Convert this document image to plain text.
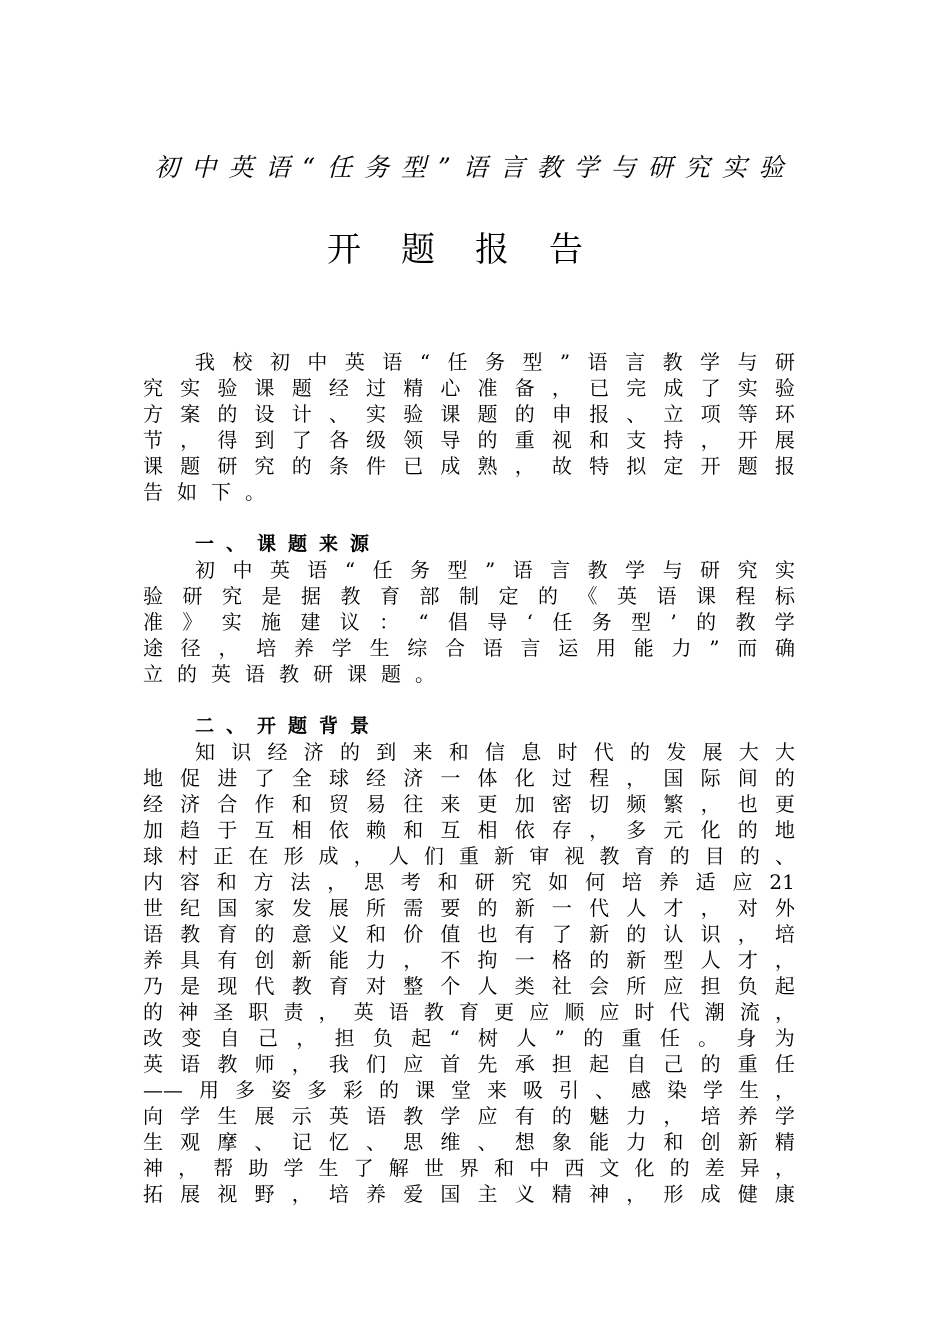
初中英语“任务型”语言教学与研究实验
开题报告
我 校 初 中 英 语 “ 任 务 型 ” 语 言 教 学 与 研
究 实 验 课 题 经 过 精 心 准 备 ， 已 完 成 了 实 验
方 案 的 设 计 、 实 验 课 题 的 申 报 、 立 项 等 环
节 ， 得 到 了 各 级 领 导 的 重 视 和 支 持 ， 开 展
课 题 研 究 的 条 件 已 成 熟 ， 故 特 拟 定 开 题 报
告 如 下 。
一、课题来源
初 中 英 语 “ 任 务 型 ” 语 言 教 学 与 研 究 实
验 研 究 是 据 教 育 部 制 定 的 《 英 语 课 程 标
准 》 实 施 建 议 ： “ 倡 导 ‘ 任 务 型 ’ 的 教 学
途 径 ， 培 养 学 生 综 合 语 言 运 用 能 力 ” 而 确
立 的 英 语 教 研 课 题 。
二、开题背景
知 识 经 济 的 到 来 和 信 息 时 代 的 发 展 大 大
地 促 进 了 全 球 经 济 一 体 化 过 程 ， 国 际 间 的
经 济 合 作 和 贸 易 往 来 更 加 密 切 频 繁 ， 也 更
加 趋 于 互 相 依 赖 和 互 相 依 存 ， 多 元 化 的 地
球 村 正 在 形 成 ， 人 们 重 新 审 视 教 育 的 目 的 、
内 容 和 方 法 ， 思 考 和 研 究 如 何 培 养 适 应 21
世 纪 国 家 发 展 所 需 要 的 新 一 代 人 才 ， 对 外
语 教 育 的 意 义 和 价 值 也 有 了 新 的 认 识 ， 培
养 具 有 创 新 能 力 ， 不 拘 一 格 的 新 型 人 才 ，
乃 是 现 代 教 育 对 整 个 人 类 社 会 所 应 担 负 起
的 神 圣 职 责 ， 英 语 教 育 更 应 顺 应 时 代 潮 流 ，
改 变 自 己 ， 担 负 起 “ 树 人 ” 的 重 任 。 身 为
英 语 教 师 ， 我 们 应 首 先 承 担 起 自 己 的 重 任
—— 用 多 姿 多 彩 的 课 堂 来 吸 引 、 感 染 学 生 ，
向 学 生 展 示 英 语 教 学 应 有 的 魅 力 ， 培 养 学
生 观 摩 、 记 忆 、 思 维 、 想 象 能 力 和 创 新 精
神 ， 帮 助 学 生 了 解 世 界 和 中 西 文 化 的 差 异 ，
拓 展 视 野 ， 培 养 爱 国 主 义 精 神 ， 形 成 健 康
